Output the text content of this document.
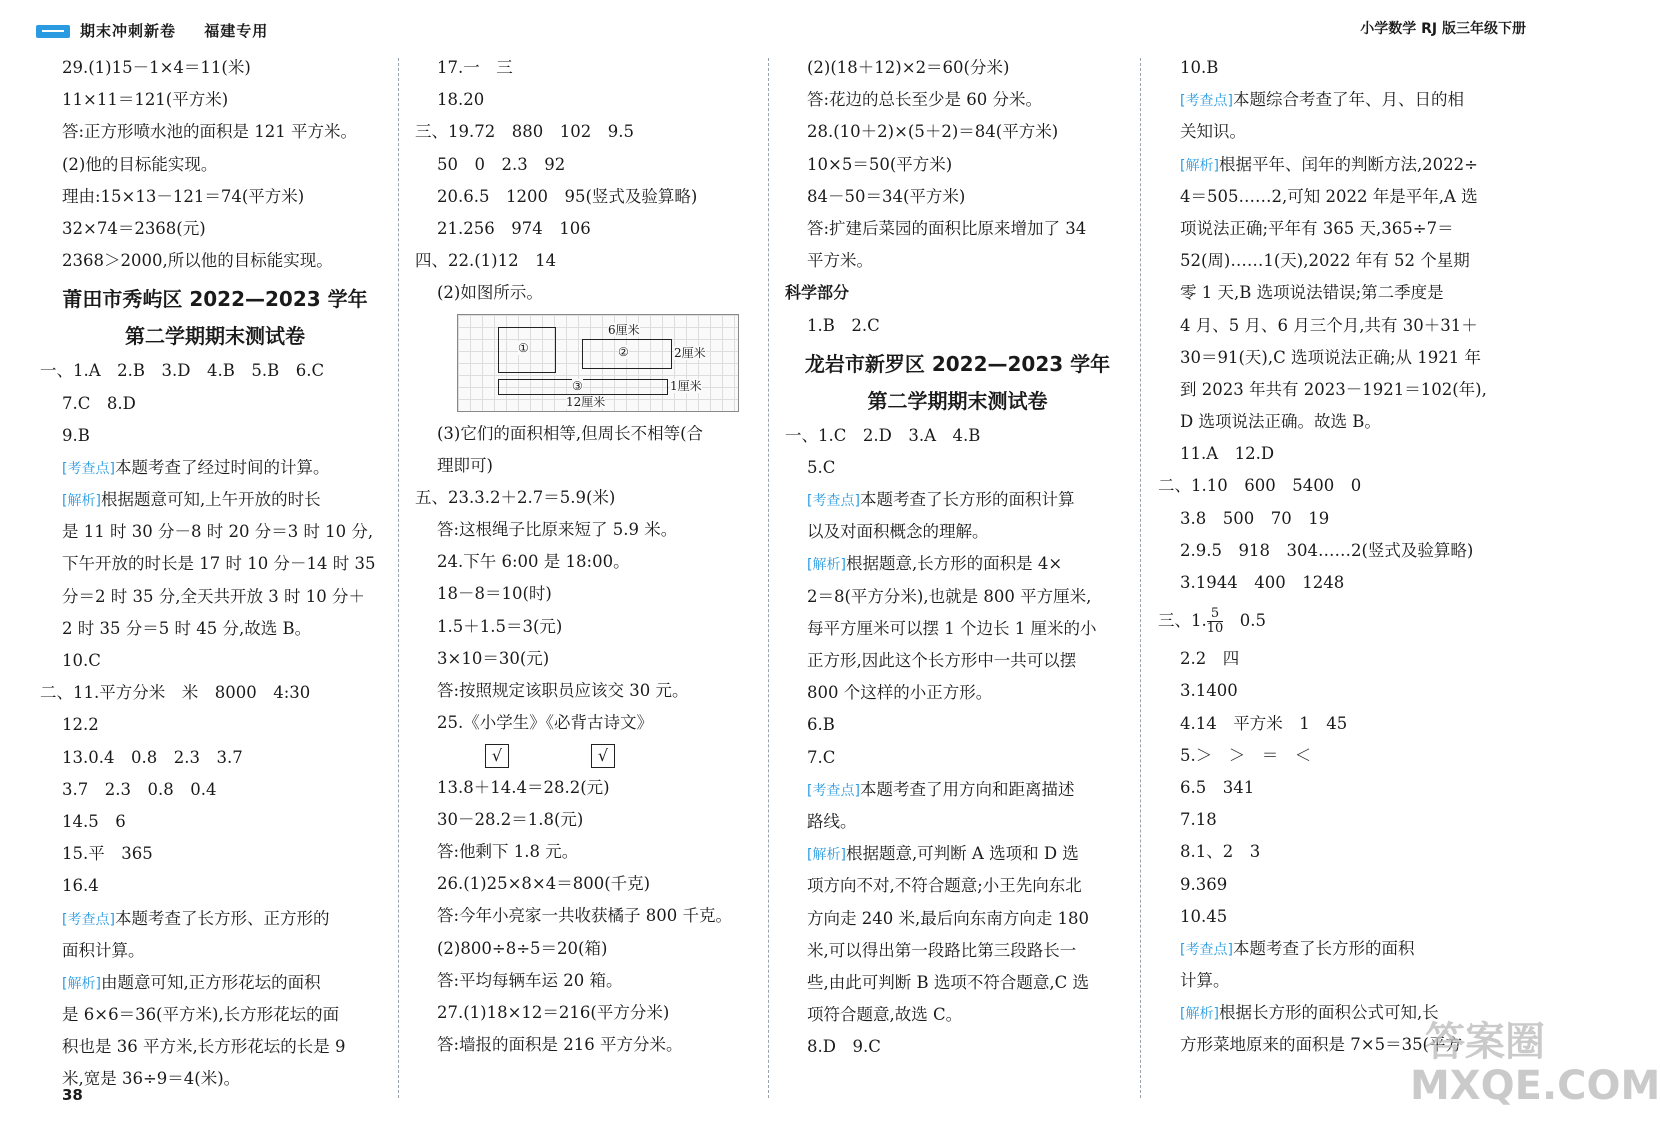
期末冲刺新卷 福建专用	小学数学 RJ 版三年级下册
29.(1)15－1×4＝11(米)
11×11＝121(平方米)
答:正方形喷水池的面积是 121 平方米。
(2)他的目标能实现。
理由:15×13－121＝74(平方米)
32×74＝2368(元)
2368＞2000,所以他的目标能实现。
莆田市秀屿区 2022—2023 学年
第二学期期末测试卷
一、1.A　2.B　3.D　4.B　5.B　6.C
7.C　8.D
9.B
[考查点]本题考查了经过时间的计算。
[解析]根据题意可知,上午开放的时长
是 11 时 30 分－8 时 20 分＝3 时 10 分,
下午开放的时长是 17 时 10 分－14 时 35
分＝2 时 35 分,全天共开放 3 时 10 分＋
2 时 35 分＝5 时 45 分,故选 B。
10.C
二、11.平方分米　米　8000　4:30
12.2
13.0.4　0.8　2.3　3.7
3.7　2.3　0.8　0.4
14.5　6
15.平　365
16.4
[考查点]本题考查了长方形、正方形的
面积计算。
[解析]由题意可知,正方形花坛的面积
是 6×6＝36(平方米),长方形花坛的面
积也是 36 平方米,长方形花坛的长是 9
米,宽是 36÷9＝4(米)。
17.一　三
18.20
三、19.72　880　102　9.5
50　0　2.3　92
20.6.5　1200　95(竖式及验算略)
21.256　974　106
四、22.(1)12　14
(2)如图所示。
①	②
③
6厘米
2厘米
1厘米
12厘米
(3)它们的面积相等,但周长不相等(合
理即可)
五、23.3.2＋2.7＝5.9(米)
答:这根绳子比原来短了 5.9 米。
24.下午 6:00 是 18:00。
18－8＝10(时)
1.5＋1.5＝3(元)
3×10＝30(元)
答:按照规定该职员应该交 30 元。
25.《小学生》《必背古诗文》
√	√
13.8＋14.4＝28.2(元)
30－28.2＝1.8(元)
答:他剩下 1.8 元。
26.(1)25×8×4＝800(千克)
答:今年小亮家一共收获橘子 800 千克。
(2)800÷8÷5＝20(箱)
答:平均每辆车运 20 箱。
27.(1)18×12＝216(平方分米)
答:墙报的面积是 216 平方分米。
(2)(18＋12)×2＝60(分米)
答:花边的总长至少是 60 分米。
28.(10＋2)×(5＋2)＝84(平方米)
10×5＝50(平方米)
84－50＝34(平方米)
答:扩建后菜园的面积比原来增加了 34
平方米。
科学部分
1.B　2.C
龙岩市新罗区 2022—2023 学年
第二学期期末测试卷
一、1.C　2.D　3.A　4.B
5.C
[考查点]本题考查了长方形的面积计算
以及对面积概念的理解。
[解析]根据题意,长方形的面积是 4×
2＝8(平方分米),也就是 800 平方厘米,
每平方厘米可以摆 1 个边长 1 厘米的小
正方形,因此这个长方形中一共可以摆
800 个这样的小正方形。
6.B
7.C
[考查点]本题考查了用方向和距离描述
路线。
[解析]根据题意,可判断 A 选项和 D 选
项方向不对,不符合题意;小王先向东北
方向走 240 米,最后向东南方向走 180
米,可以得出第一段路比第三段路长一
些,由此可判断 B 选项不符合题意,C 选
项符合题意,故选 C。
8.D　9.C
10.B
[考查点]本题综合考查了年、月、日的相
关知识。
[解析]根据平年、闰年的判断方法,2022÷
4＝505……2,可知 2022 年是平年,A 选
项说法正确;平年有 365 天,365÷7＝
52(周)……1(天),2022 年有 52 个星期
零 1 天,B 选项说法错误;第二季度是
4 月、5 月、6 月三个月,共有 30＋31＋
30＝91(天),C 选项说法正确;从 1921 年
到 2023 年共有 2023－1921＝102(年),
D 选项说法正确。故选 B。
11.A　12.D
二、1.10　600　5400　0
3.8　500　70　19
2.9.5　918　304……2(竖式及验算略)
3.1944　400　1248
三、1. $\frac{5}{10}$ 　0.5
2.2　四
3.1400
4.14　平方米　1　45
5.＞　＞　＝　＜
6.5　341
7.18
8.1、2　3
9.369
10.45
[考查点]本题考查了长方形的面积
计算。
[解析]根据长方形的面积公式可知,长
方形菜地原来的面积是 7×5＝35(平方
38
答案圈
MXQE.COM
